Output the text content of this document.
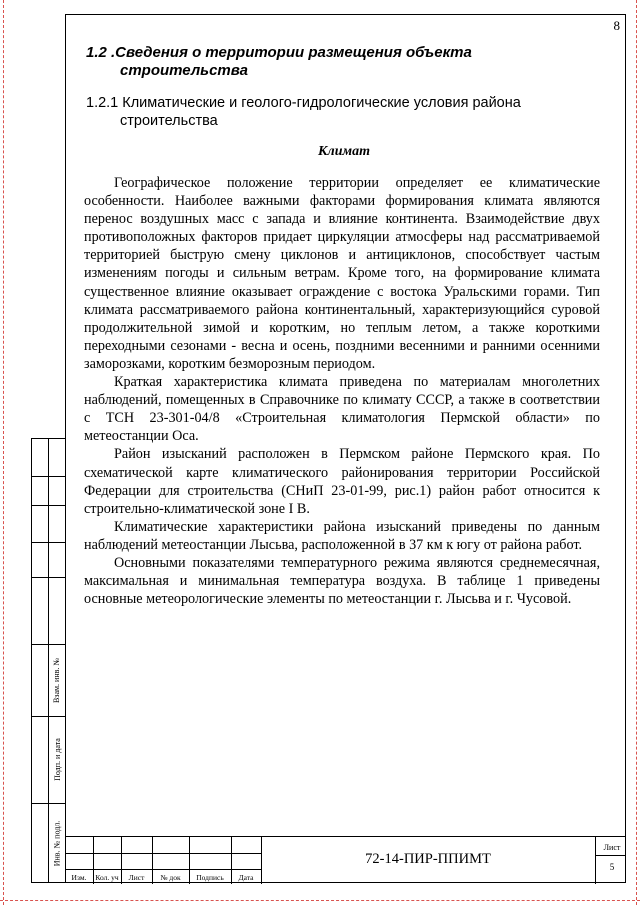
Взам. инв. №
Подп. и дата
Инв. № подл.
8
1.2 .Сведения о территории размещения объекта
строительства
1.2.1 Климатические и геолого-гидрологические условия района
строительства
Климат

Географическое положение территории определяет ее климатические особенности. Наиболее важными факторами формирования климата являются перенос воздушных масс с запада и влияние континента. Взаимодействие двух противоположных факторов придает циркуляции атмосферы над рассматриваемой территорией быструю смену циклонов и антициклонов, способствует частым изменениям погоды и сильным ветрам. Кроме того, на формирование климата существенное влияние оказывает ограждение с востока Уральскими горами. Тип климата рассматриваемого района континентальный, характеризующийся суровой продолжительной зимой и коротким, но теплым летом, а также короткими переходными сезонами - весна и осень, поздними весенними и ранними осенними заморозками, коротким безморозным периодом.

Краткая характеристика климата приведена по материалам многолетних наблюдений, помещенных в Справочнике по климату СССР, а также в соответствии с ТСН 23-301-04/8 «Строительная климатология Пермской области» по метеостанции Оса.

Район изысканий расположен в Пермском районе Пермского края. По схематической карте климатического районирования территории Российской Федерации для строительства (СНиП 23-01-99, рис.1) район работ относится к строительно-климатической зоне I В.

Климатические характеристики района изысканий приведены по данным наблюдений метеостанции Лысьва, расположенной в 37 км к югу от района работ.

Основными показателями температурного режима являются среднемесячная, максимальная и минимальная температура воздуха. В таблице 1 приведены основные метеорологические элементы по метеостанции г. Лысьва и г. Чусовой.

Изм.	Кол. уч	Лист	№ док	Подпись	Дата
72-14-ПИР-ППИМТ
Лист
5
